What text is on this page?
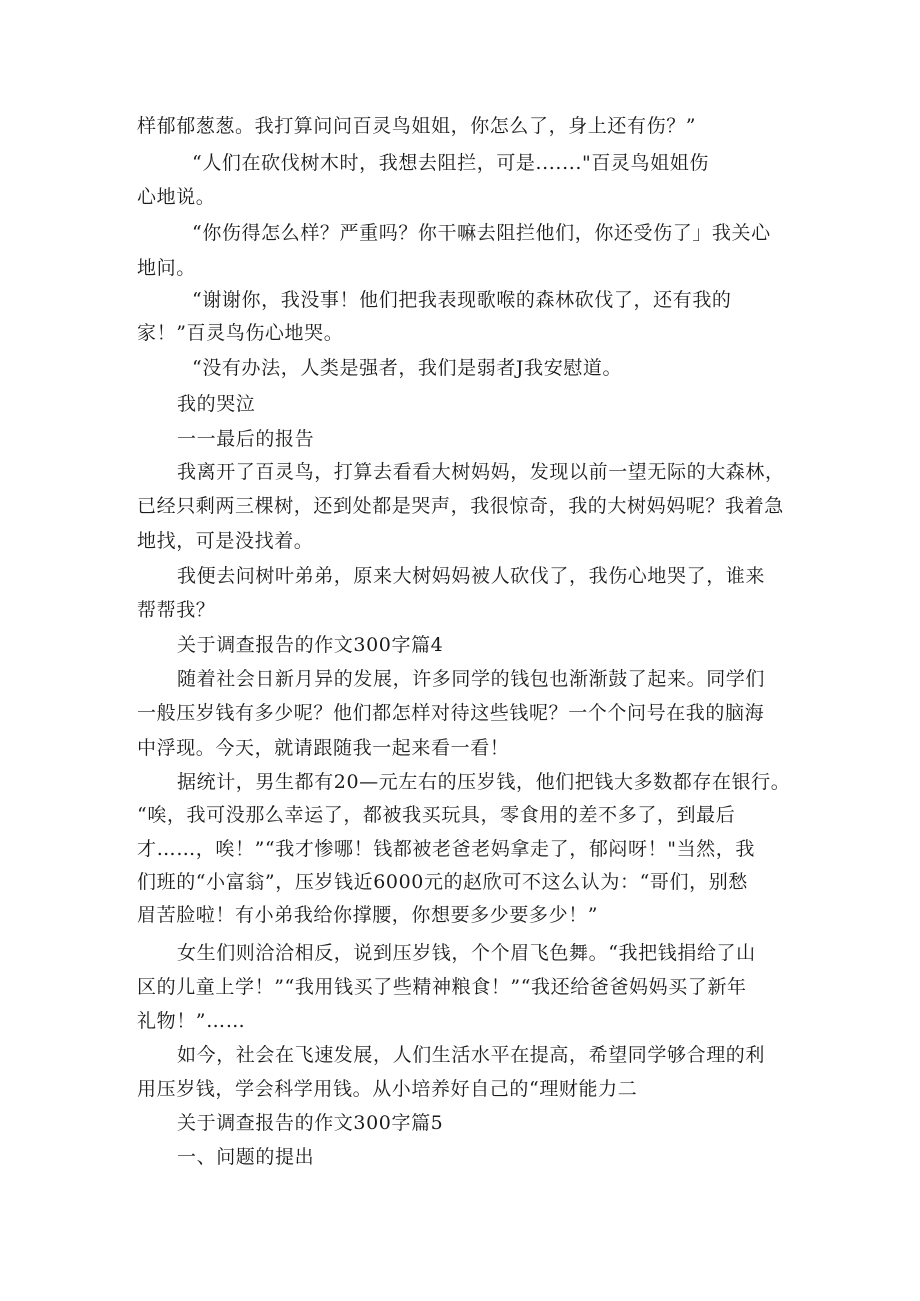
样郁郁葱葱。我打算问问百灵鸟姐姐，你怎么了，身上还有伤？”
“人们在砍伐树木时，我想去阻拦，可是......."百灵鸟姐姐伤
心地说。
“你伤得怎么样？严重吗？你干嘛去阻拦他们，你还受伤了」我关心
地问。
“谢谢你，我没事！他们把我表现歌喉的森林砍伐了，还有我的
家！”百灵鸟伤心地哭。
“没有办法，人类是强者，我们是弱者J我安慰道。
我的哭泣
一一最后的报告
我离开了百灵鸟，打算去看看大树妈妈，发现以前一望无际的大森林，
已经只剩两三棵树，还到处都是哭声，我很惊奇，我的大树妈妈呢？我着急
地找，可是没找着。
我便去问树叶弟弟，原来大树妈妈被人砍伐了，我伤心地哭了，谁来
帮帮我？
关于调查报告的作文300字篇4
随着社会日新月异的发展，许多同学的钱包也渐渐鼓了起来。同学们
一般压岁钱有多少呢？他们都怎样对待这些钱呢？一个个问号在我的脑海
中浮现。今天，就请跟随我一起来看一看！
据统计，男生都有20—元左右的压岁钱，他们把钱大多数都存在银行。
“唉，我可没那么幸运了，都被我买玩具，零食用的差不多了，到最后
才……，唉！”“我才惨哪！钱都被老爸老妈拿走了，郁闷呀！"当然，我
们班的“小富翁”，压岁钱近6000元的赵欣可不这么认为：“哥们，别愁
眉苦脸啦！有小弟我给你撑腰，你想要多少要多少！”
女生们则洽洽相反，说到压岁钱，个个眉飞色舞。“我把钱捐给了山
区的儿童上学！”“我用钱买了些精神粮食！”“我还给爸爸妈妈买了新年
礼物！”……
如今，社会在飞速发展，人们生活水平在提高，希望同学够合理的利
用压岁钱，学会科学用钱。从小培养好自己的“理财能力二
关于调查报告的作文300字篇5
一、问题的提出
